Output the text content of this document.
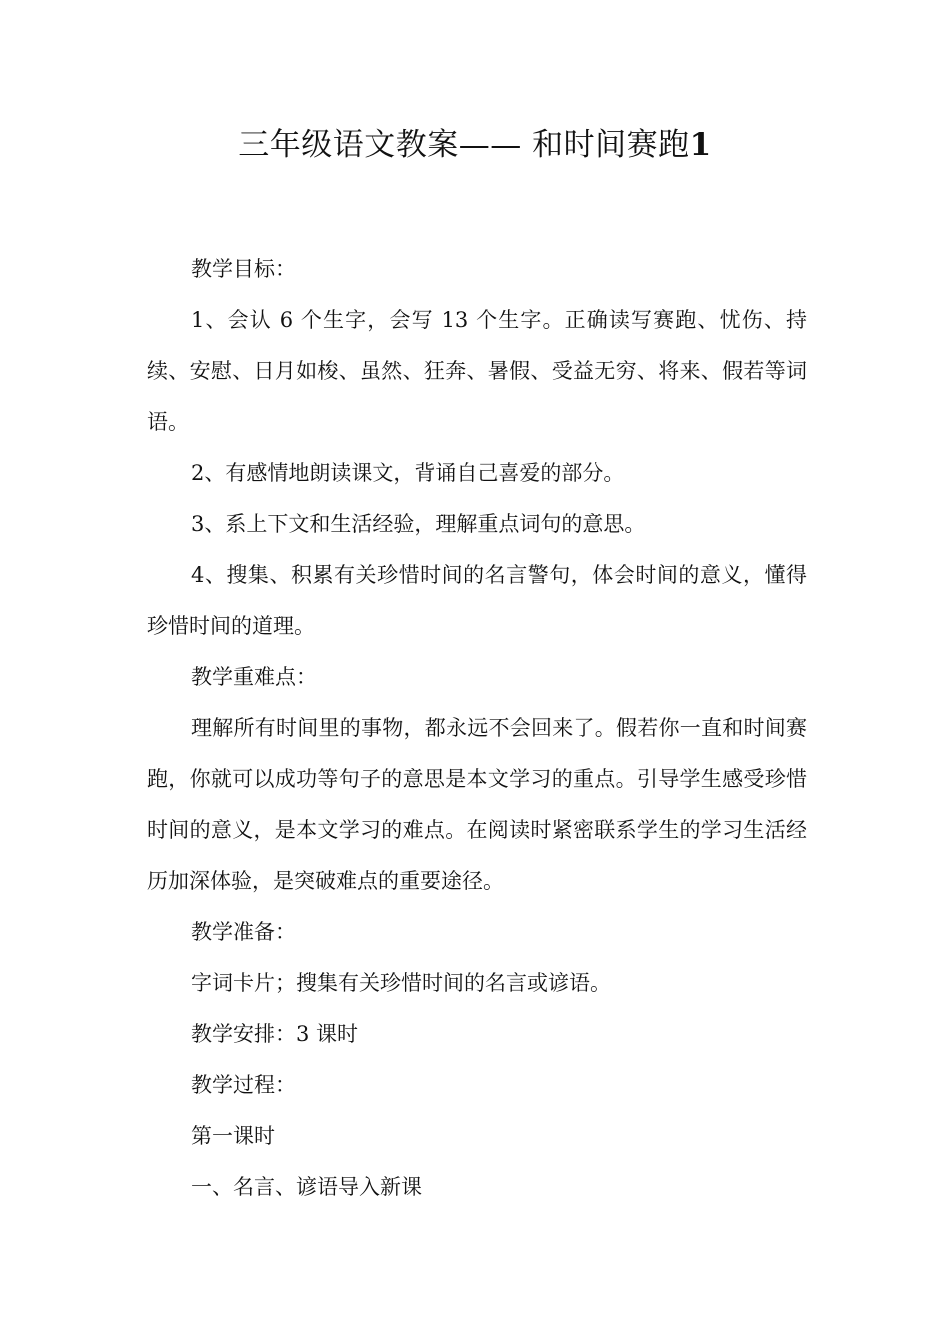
三年级语文教案—— 和时间赛跑1

教学目标：

1、会认 6 个生字，会写 13 个生字。正确读写赛跑、忧伤、持续、安慰、日月如梭、虽然、狂奔、暑假、受益无穷、将来、假若等词语。

2、有感情地朗读课文，背诵自己喜爱的部分。

3、系上下文和生活经验，理解重点词句的意思。

4、搜集、积累有关珍惜时间的名言警句，体会时间的意义，懂得珍惜时间的道理。

教学重难点：

理解所有时间里的事物，都永远不会回来了。假若你一直和时间赛跑，你就可以成功等句子的意思是本文学习的重点。引导学生感受珍惜时间的意义，是本文学习的难点。在阅读时紧密联系学生的学习生活经历加深体验，是突破难点的重要途径。

教学准备：

字词卡片；搜集有关珍惜时间的名言或谚语。

教学安排：3 课时

教学过程：

第一课时

一、名言、谚语导入新课
